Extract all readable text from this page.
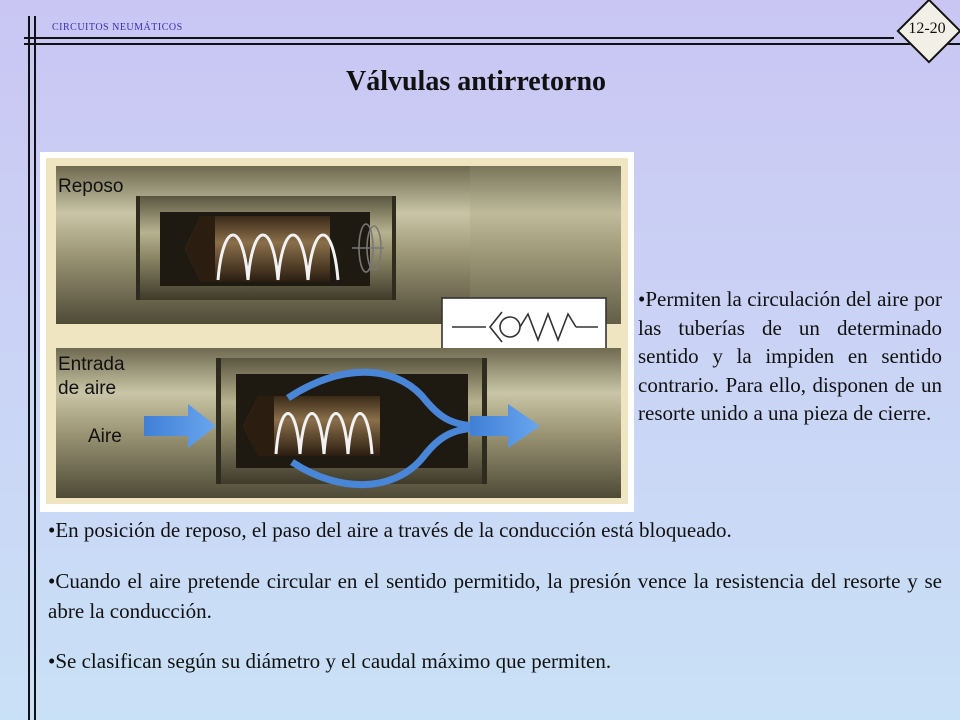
CIRCUITOS NEUMÁTICOS	12-20
Válvulas antirretorno
Reposo
Entrada
de aire
Aire
•Permiten la circulación del aire por las tuberías de un determinado sentido y la impiden en sentido contrario. Para ello, disponen de un resorte unido a una pieza de cierre.

•En posición de reposo, el paso del aire a través de la conducción está bloqueado.

•Cuando el aire pretende circular en el sentido permitido, la presión vence la resistencia del resorte y se abre la conducción.

•Se clasifican según su diámetro y el caudal máximo que permiten.
